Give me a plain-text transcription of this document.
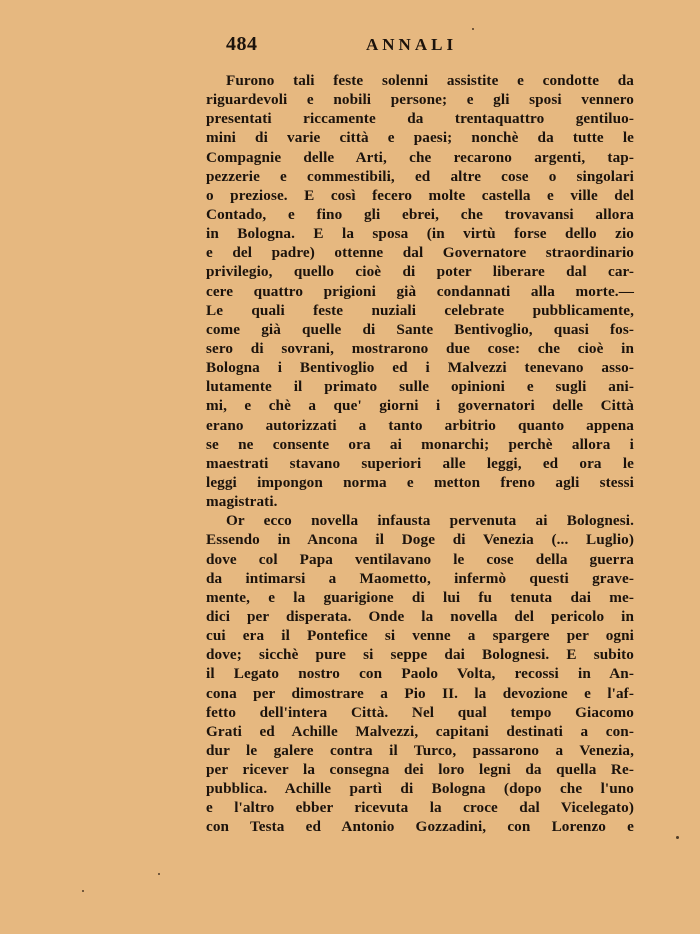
484	ANNALI
Furono tali feste solenni assistite e condotte da
riguardevoli e nobili persone; e gli sposi vennero
presentati riccamente da trentaquattro gentiluo-
mini di varie città e paesi; nonchè da tutte le
Compagnie delle Arti, che recarono argenti, tap-
pezzerie e commestibili, ed altre cose o singolari
o preziose. E così fecero molte castella e ville del
Contado, e fino gli ebrei, che trovavansi allora
in Bologna. E la sposa (in virtù forse dello zio
e del padre) ottenne dal Governatore straordinario
privilegio, quello cioè di poter liberare dal car-
cere quattro prigioni già condannati alla morte.—
Le quali feste nuziali celebrate pubblicamente,
come già quelle di Sante Bentivoglio, quasi fos-
sero di sovrani, mostrarono due cose: che cioè in
Bologna i Bentivoglio ed i Malvezzi tenevano asso-
lutamente il primato sulle opinioni e sugli ani-
mi, e chè a que' giorni i governatori delle Città
erano autorizzati a tanto arbitrio quanto appena
se ne consente ora ai monarchi; perchè allora i
maestrati stavano superiori alle leggi, ed ora le
leggi impongon norma e metton freno agli stessi
magistrati.
Or ecco novella infausta pervenuta ai Bolognesi.
Essendo in Ancona il Doge di Venezia (... Luglio)
dove col Papa ventilavano le cose della guerra
da intimarsi a Maometto, infermò questi grave-
mente, e la guarigione di lui fu tenuta dai me-
dici per disperata. Onde la novella del pericolo in
cui era il Pontefice si venne a spargere per ogni
dove; sicchè pure si seppe dai Bolognesi. E subito
il Legato nostro con Paolo Volta, recossi in An-
cona per dimostrare a Pio II. la devozione e l'af-
fetto dell'intera Città. Nel qual tempo Giacomo
Grati ed Achille Malvezzi, capitani destinati a con-
dur le galere contra il Turco, passarono a Venezia,
per ricever la consegna dei loro legni da quella Re-
pubblica. Achille partì di Bologna (dopo che l'uno
e l'altro ebber ricevuta la croce dal Vicelegato)
con Testa ed Antonio Gozzadini, con Lorenzo e
